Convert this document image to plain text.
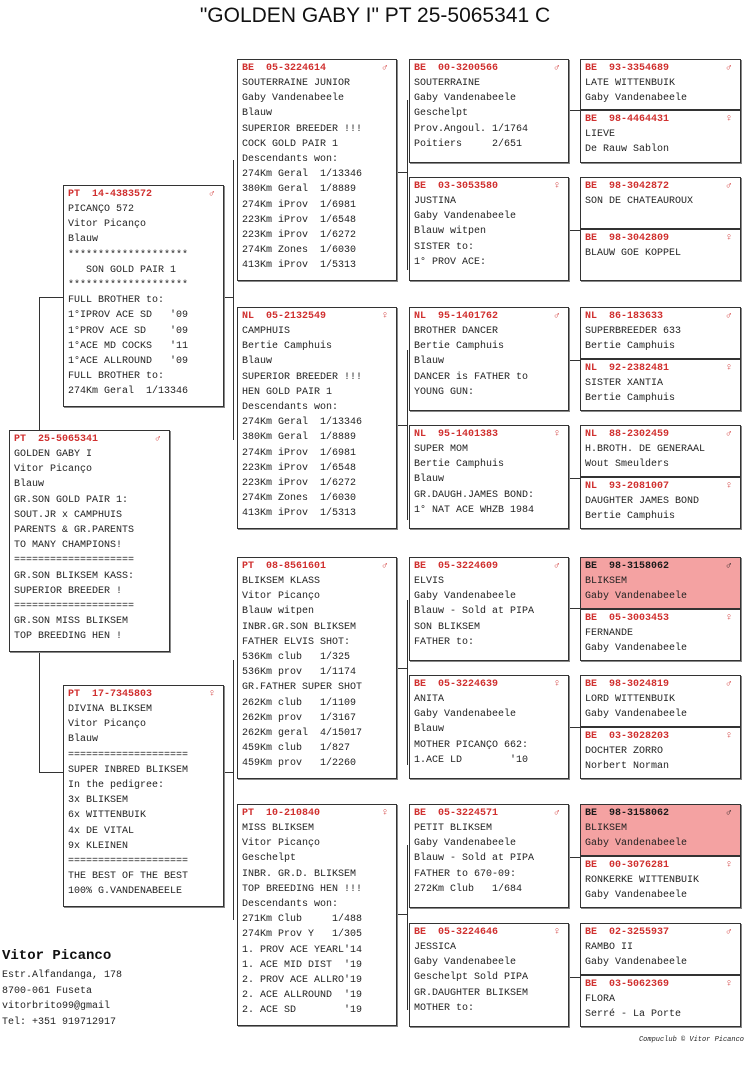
"GOLDEN GABY I" PT 25-5065341 C
PT 25-5065341	♂
GOLDEN GABY I
Vitor Picanço
Blauw
GR.SON GOLD PAIR 1:
SOUT.JR x CAMPHUIS
PARENTS & GR.PARENTS
TO MANY CHAMPIONS!
====================
GR.SON BLIKSEM KASS:
SUPERIOR BREEDER !
====================
GR.SON MISS BLIKSEM
TOP BREEDING HEN !
PT 14-4383572	♂
PICANÇO 572
Vitor Picanço
Blauw
********************
SON GOLD PAIR 1
********************
FULL BROTHER to:
1°IPROV ACE SD   '09
1°PROV ACE SD    '09
1°ACE MD COCKS   '11
1°ACE ALLROUND   '09
FULL BROTHER to:
274Km Geral  1/13346
PT 17-7345803	♀
DIVINA BLIKSEM
Vitor Picanço
Blauw
====================
SUPER INBRED BLIKSEM
In the pedigree:
3x BLIKSEM
6x WITTENBUIK
4x DE VITAL
9x KLEINEN
====================
THE BEST OF THE BEST
100% G.VANDENABEELE
BE 05-3224614	♂
SOUTERRAINE JUNIOR
Gaby Vandenabeele
Blauw
SUPERIOR BREEDER !!!
COCK GOLD PAIR 1
Descendants won:
274Km Geral  1/13346
380Km Geral  1/8889
274Km iProv  1/6981
223Km iProv  1/6548
223Km iProv  1/6272
274Km Zones  1/6030
413Km iProv  1/5313
NL 05-2132549	♀
CAMPHUIS
Bertie Camphuis
Blauw
SUPERIOR BREEDER !!!
HEN GOLD PAIR 1
Descendants won:
274Km Geral  1/13346
380Km Geral  1/8889
274Km iProv  1/6981
223Km iProv  1/6548
223Km iProv  1/6272
274Km Zones  1/6030
413Km iProv  1/5313
PT 08-8561601	♂
BLIKSEM KLASS
Vitor Picanço
Blauw witpen
INBR.GR.SON BLIKSEM
FATHER ELVIS SHOT:
536Km club   1/325
536Km prov   1/1174
GR.FATHER SUPER SHOT
262Km club   1/1109
262Km prov   1/3167
262Km geral  4/15017
459Km club   1/827
459Km prov   1/2260
PT 10-210840	♀
MISS BLIKSEM
Vitor Picanço
Geschelpt
INBR. GR.D. BLIKSEM
TOP BREEDING HEN !!!
Descendants won:
271Km Club     1/488
274Km Prov Y   1/305
1. PROV ACE YEARL'14
1. ACE MID DIST  '19
2. PROV ACE ALLRO'19
2. ACE ALLROUND  '19
2. ACE SD        '19
BE 00-3200566	♂
SOUTERRAINE
Gaby Vandenabeele
Geschelpt
Prov.Angoul. 1/1764
Poitiers     2/651
BE 03-3053580	♀
JUSTINA
Gaby Vandenabeele
Blauw witpen
SISTER to:
1° PROV ACE:
NL 95-1401762	♂
BROTHER DANCER
Bertie Camphuis
Blauw
DANCER is FATHER to
YOUNG GUN:
NL 95-1401383	♀
SUPER MOM
Bertie Camphuis
Blauw
GR.DAUGH.JAMES BOND:
1° NAT ACE WHZB 1984
BE 05-3224609	♂
ELVIS
Gaby Vandenabeele
Blauw - Sold at PIPA
SON BLIKSEM
FATHER to:
BE 05-3224639	♀
ANITA
Gaby Vandenabeele
Blauw
MOTHER PICANÇO 662:
1.ACE LD        '10
BE 05-3224571	♂
PETIT BLIKSEM
Gaby Vandenabeele
Blauw - Sold at PIPA
FATHER to 670-09:
272Km Club   1/684
BE 05-3224646	♀
JESSICA
Gaby Vandenabeele
Geschelpt Sold PIPA
GR.DAUGHTER BLIKSEM
MOTHER to:
BE 93-3354689	♂
LATE WITTENBUIK
Gaby Vandenabeele
BE 98-4464431	♀
LIEVE
De Rauw Sablon
BE 98-3042872	♂
SON DE CHATEAUROUX
BE 98-3042809	♀
BLAUW GOE KOPPEL
NL 86-183633	♂
SUPERBREEDER 633
Bertie Camphuis
NL 92-2382481	♀
SISTER XANTIA
Bertie Camphuis
NL 88-2302459	♂
H.BROTH. DE GENERAAL
Wout Smeulders
NL 93-2081007	♀
DAUGHTER JAMES BOND
Bertie Camphuis
BE 98-3158062	♂
BLIKSEM
Gaby Vandenabeele
BE 05-3003453	♀
FERNANDE
Gaby Vandenabeele
BE 98-3024819	♂
LORD WITTENBUIK
Gaby Vandenabeele
BE 03-3028203	♀
DOCHTER ZORRO
Norbert Norman
BE 98-3158062	♂
BLIKSEM
Gaby Vandenabeele
BE 00-3076281	♀
RONKERKE WITTENBUIK
Gaby Vandenabeele
BE 02-3255937	♂
RAMBO II
Gaby Vandenabeele
BE 03-5062369	♀
FLORA
Serré - La Porte
Vitor Picanco
Estr.Alfandanga, 178
8700-061 Fuseta
vitorbrito99@gmail
Tel: +351 919712917
Compuclub © Vitor Picanco
